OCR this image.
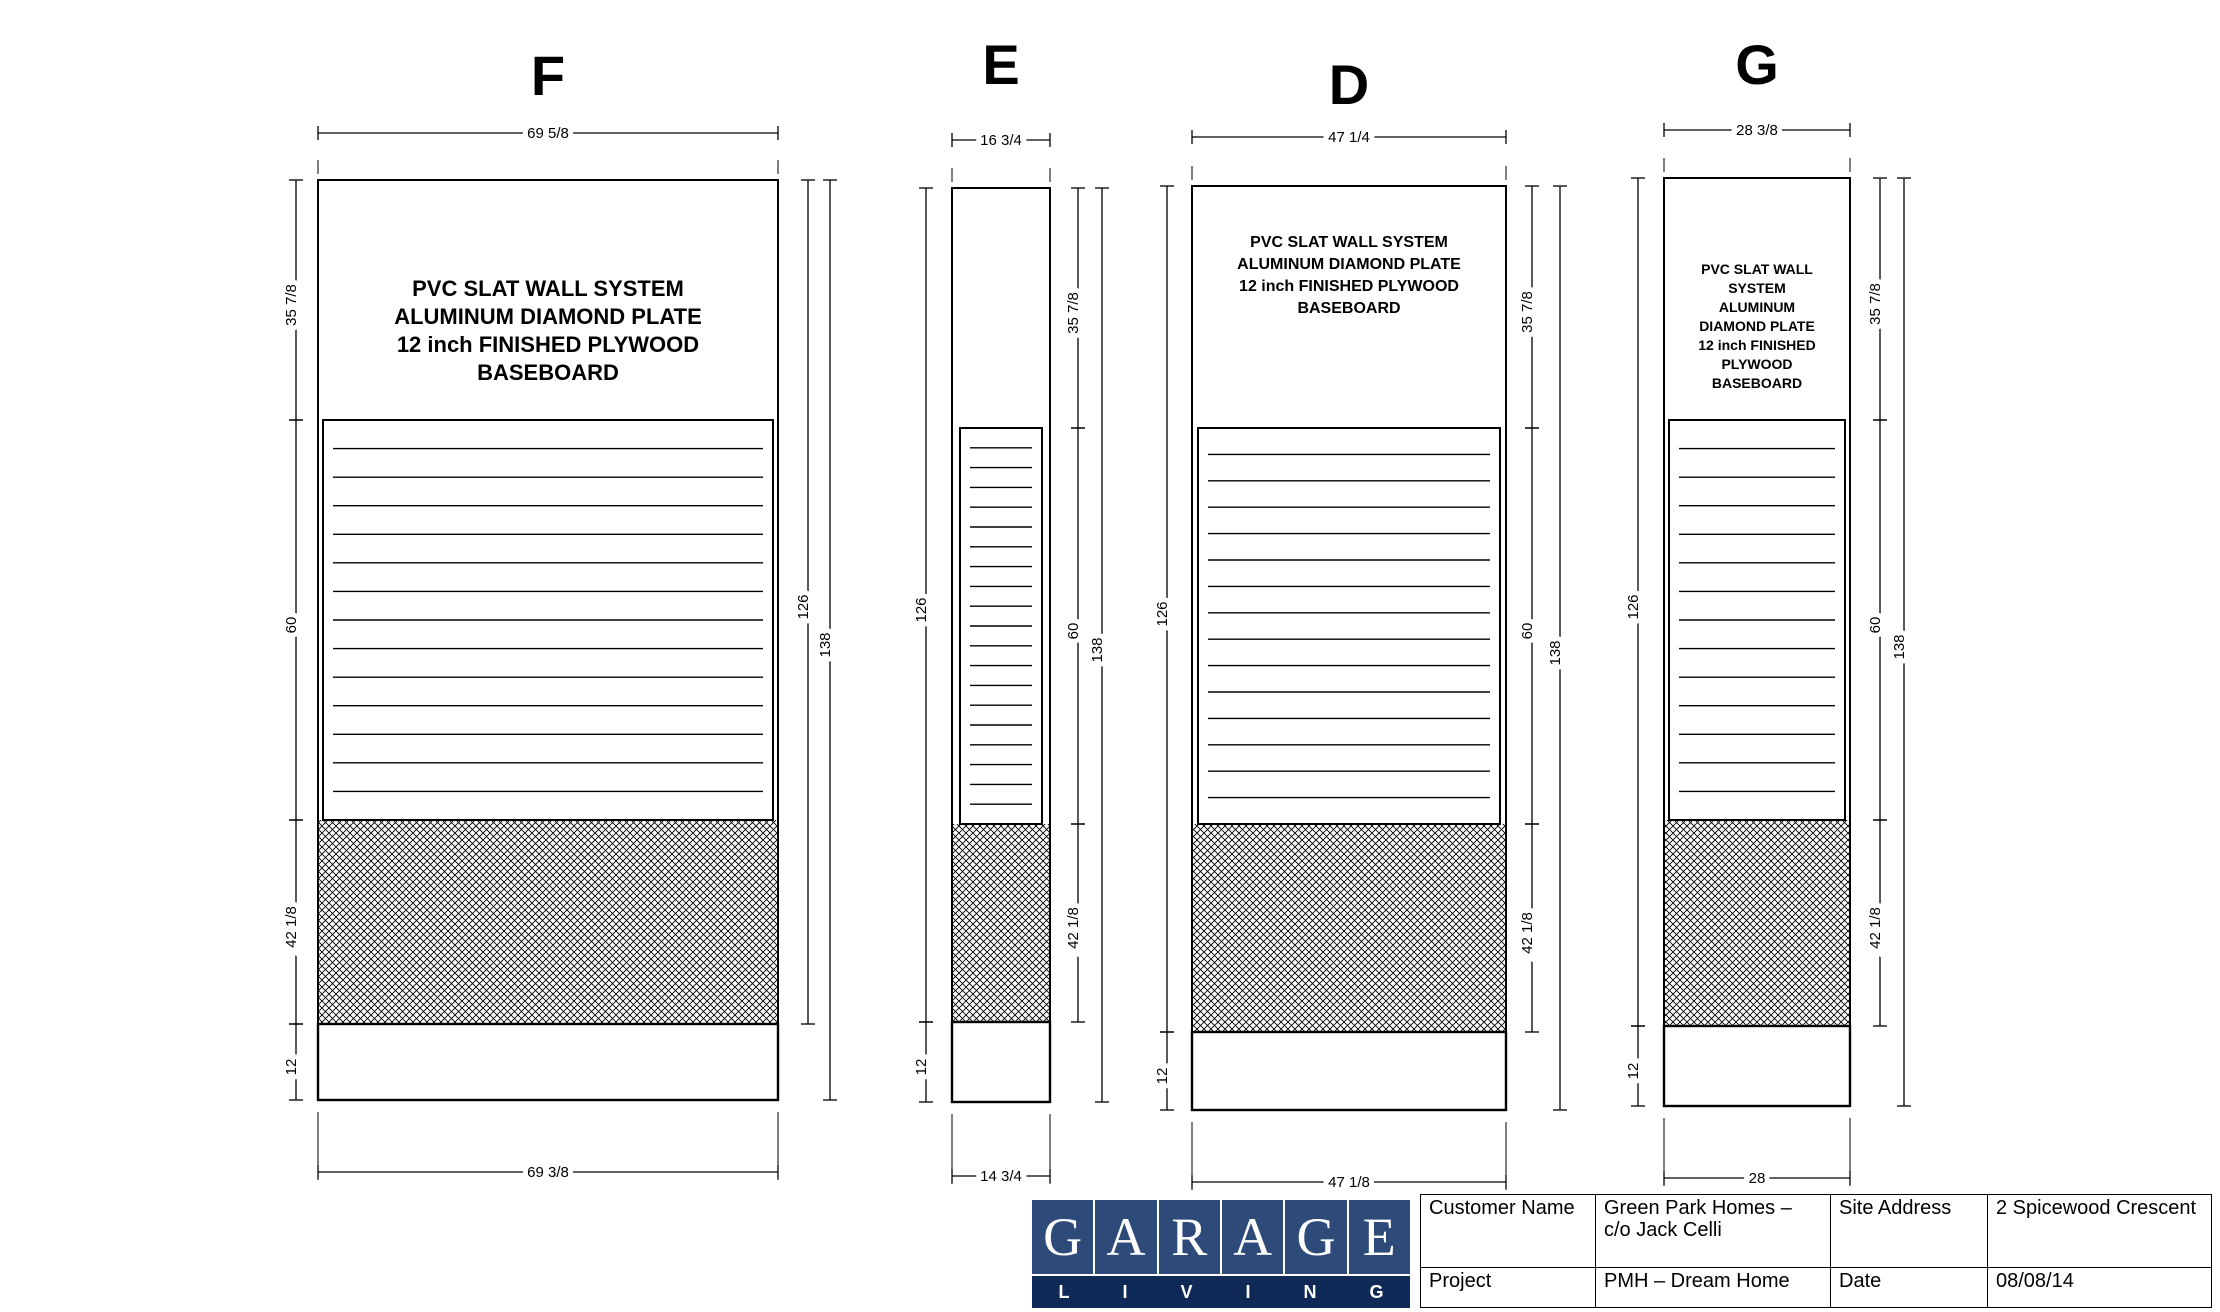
F
PVC SLAT WALL SYSTEM
ALUMINUM DIAMOND PLATE
12 inch FINISHED PLYWOOD
BASEBOARD
69 5/8
69 3/8
35 7/8
60
42 1/8
12
126
138
E
16 3/4
14 3/4
126
12
35 7/8
60
42 1/8
138
D
PVC SLAT WALL SYSTEM
ALUMINUM DIAMOND PLATE
12 inch FINISHED PLYWOOD
BASEBOARD
47 1/4
47 1/8
126
12
35 7/8
60
42 1/8
138
G
PVC SLAT WALL
SYSTEM
ALUMINUM
DIAMOND PLATE
12 inch FINISHED
PLYWOOD
BASEBOARD
28 3/8
28
126
12
35 7/8
60
42 1/8
138
G A R A G E
L	I	V	I	N	G
Customer Name	Green Park Homes – c/o Jack Celli	Site Address	2 Spicewood Crescent
Project	PMH – Dream Home	Date	08/08/14
